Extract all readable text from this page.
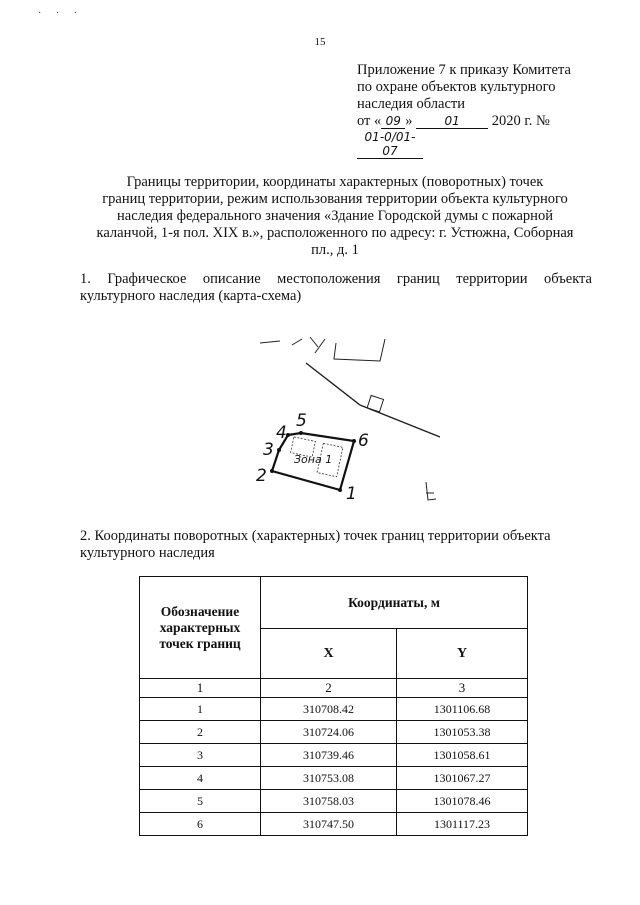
· · ·
15
Приложение 7 к приказу Комитета
по охране объектов культурного
наследия области
от « 09 »	01 2020 г. №01-0/01-07
Границы территории, координаты характерных (поворотных) точек
границ территории, режим использования территории объекта культурного
наследия федерального значения «Здание Городской думы с пожарной
каланчой, 1-я пол. XIX в.», расположенного по адресу: г. Устюжна, Соборная
пл., д. 1
1. Графическое описание местоположения границ территории объекта
культурного наследия (карта-схема)
1
2
3
4
5
6
Зона 1
2. Координаты поворотных (характерных) точек границ территории объекта
культурного наследия
Обозначение характерных точек границ	Координаты, м	
	X	Y
1	2	3
1	310708.42	1301106.68
2	310724.06	1301053.38
3	310739.46	1301058.61
4	310753.08	1301067.27
5	310758.03	1301078.46
6	310747.50	1301117.23
